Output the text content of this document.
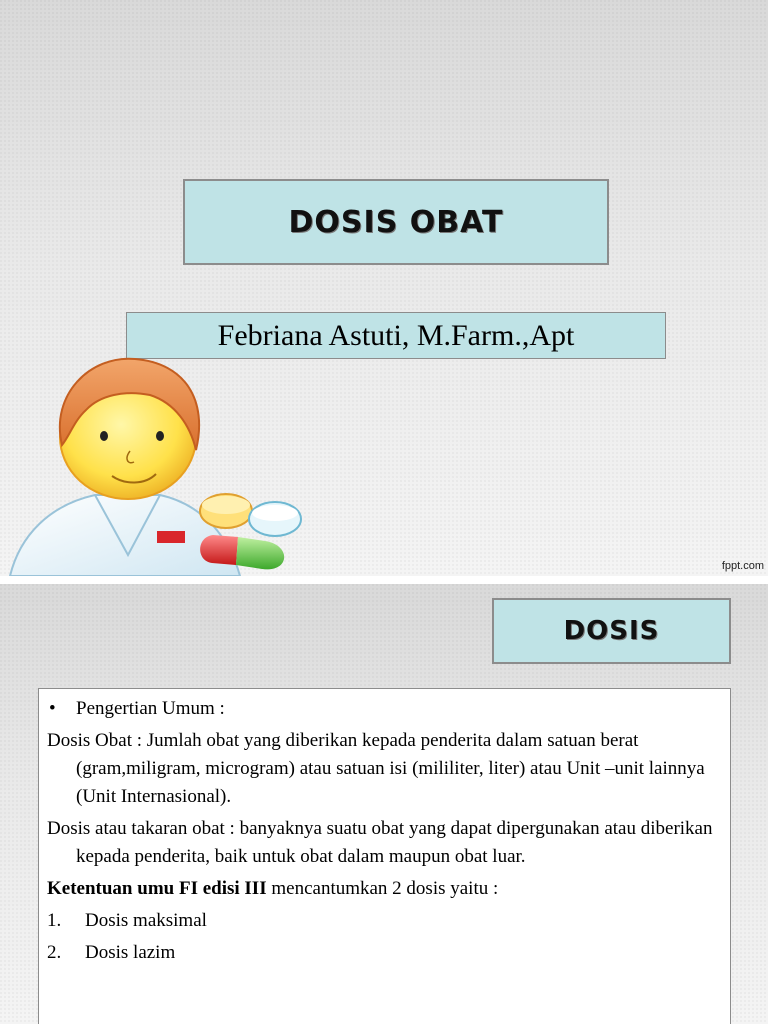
DOSIS OBAT
Febriana Astuti, M.Farm.,Apt
fppt.com
DOSIS
• Pengertian Umum :
Dosis Obat : Jumlah obat yang diberikan kepada penderita dalam satuan berat (gram,miligram, microgram) atau satuan isi (mililiter, liter) atau Unit –unit lainnya (Unit Internasional).
Dosis atau takaran obat : banyaknya suatu obat yang dapat dipergunakan atau diberikan kepada penderita, baik untuk obat dalam maupun obat luar.
Ketentuan umu FI edisi III mencantumkan 2 dosis yaitu :
1. Dosis maksimal
2. Dosis lazim
